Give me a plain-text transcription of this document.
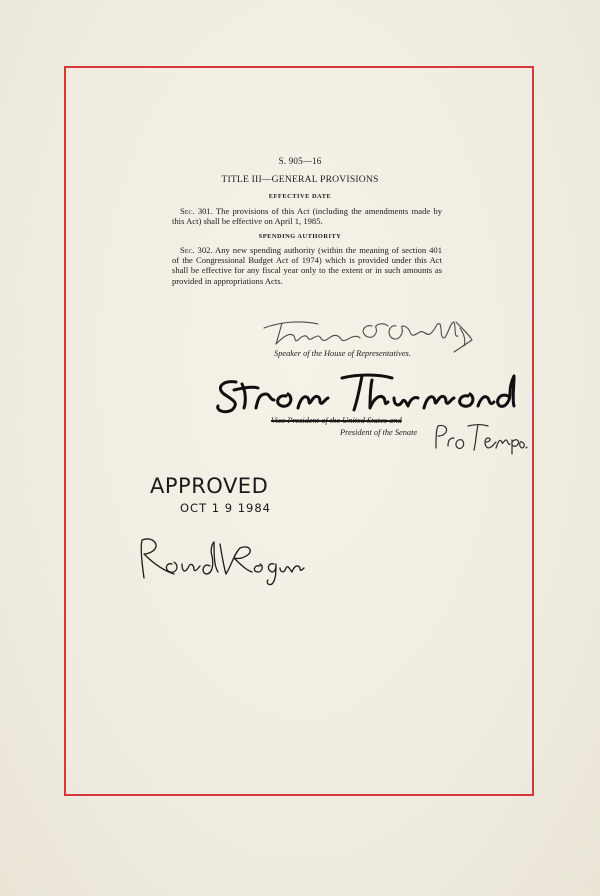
S. 905—16
TITLE III—GENERAL PROVISIONS
EFFECTIVE DATE
Sec. 301. The provisions of this Act (including the amendments made by this Act) shall be effective on April 1, 1985.
SPENDING AUTHORITY
Sec. 302. Any new spending authority (within the meaning of section 401 of the Congressional Budget Act of 1974) which is provided under this Act shall be effective for any fiscal year only to the extent or in such amounts as provided in appropriations Acts.
Speaker of the House of Representatives.
Vice President of the United States and
President of the Senate
APPROVED
OCT 1 9 1984
